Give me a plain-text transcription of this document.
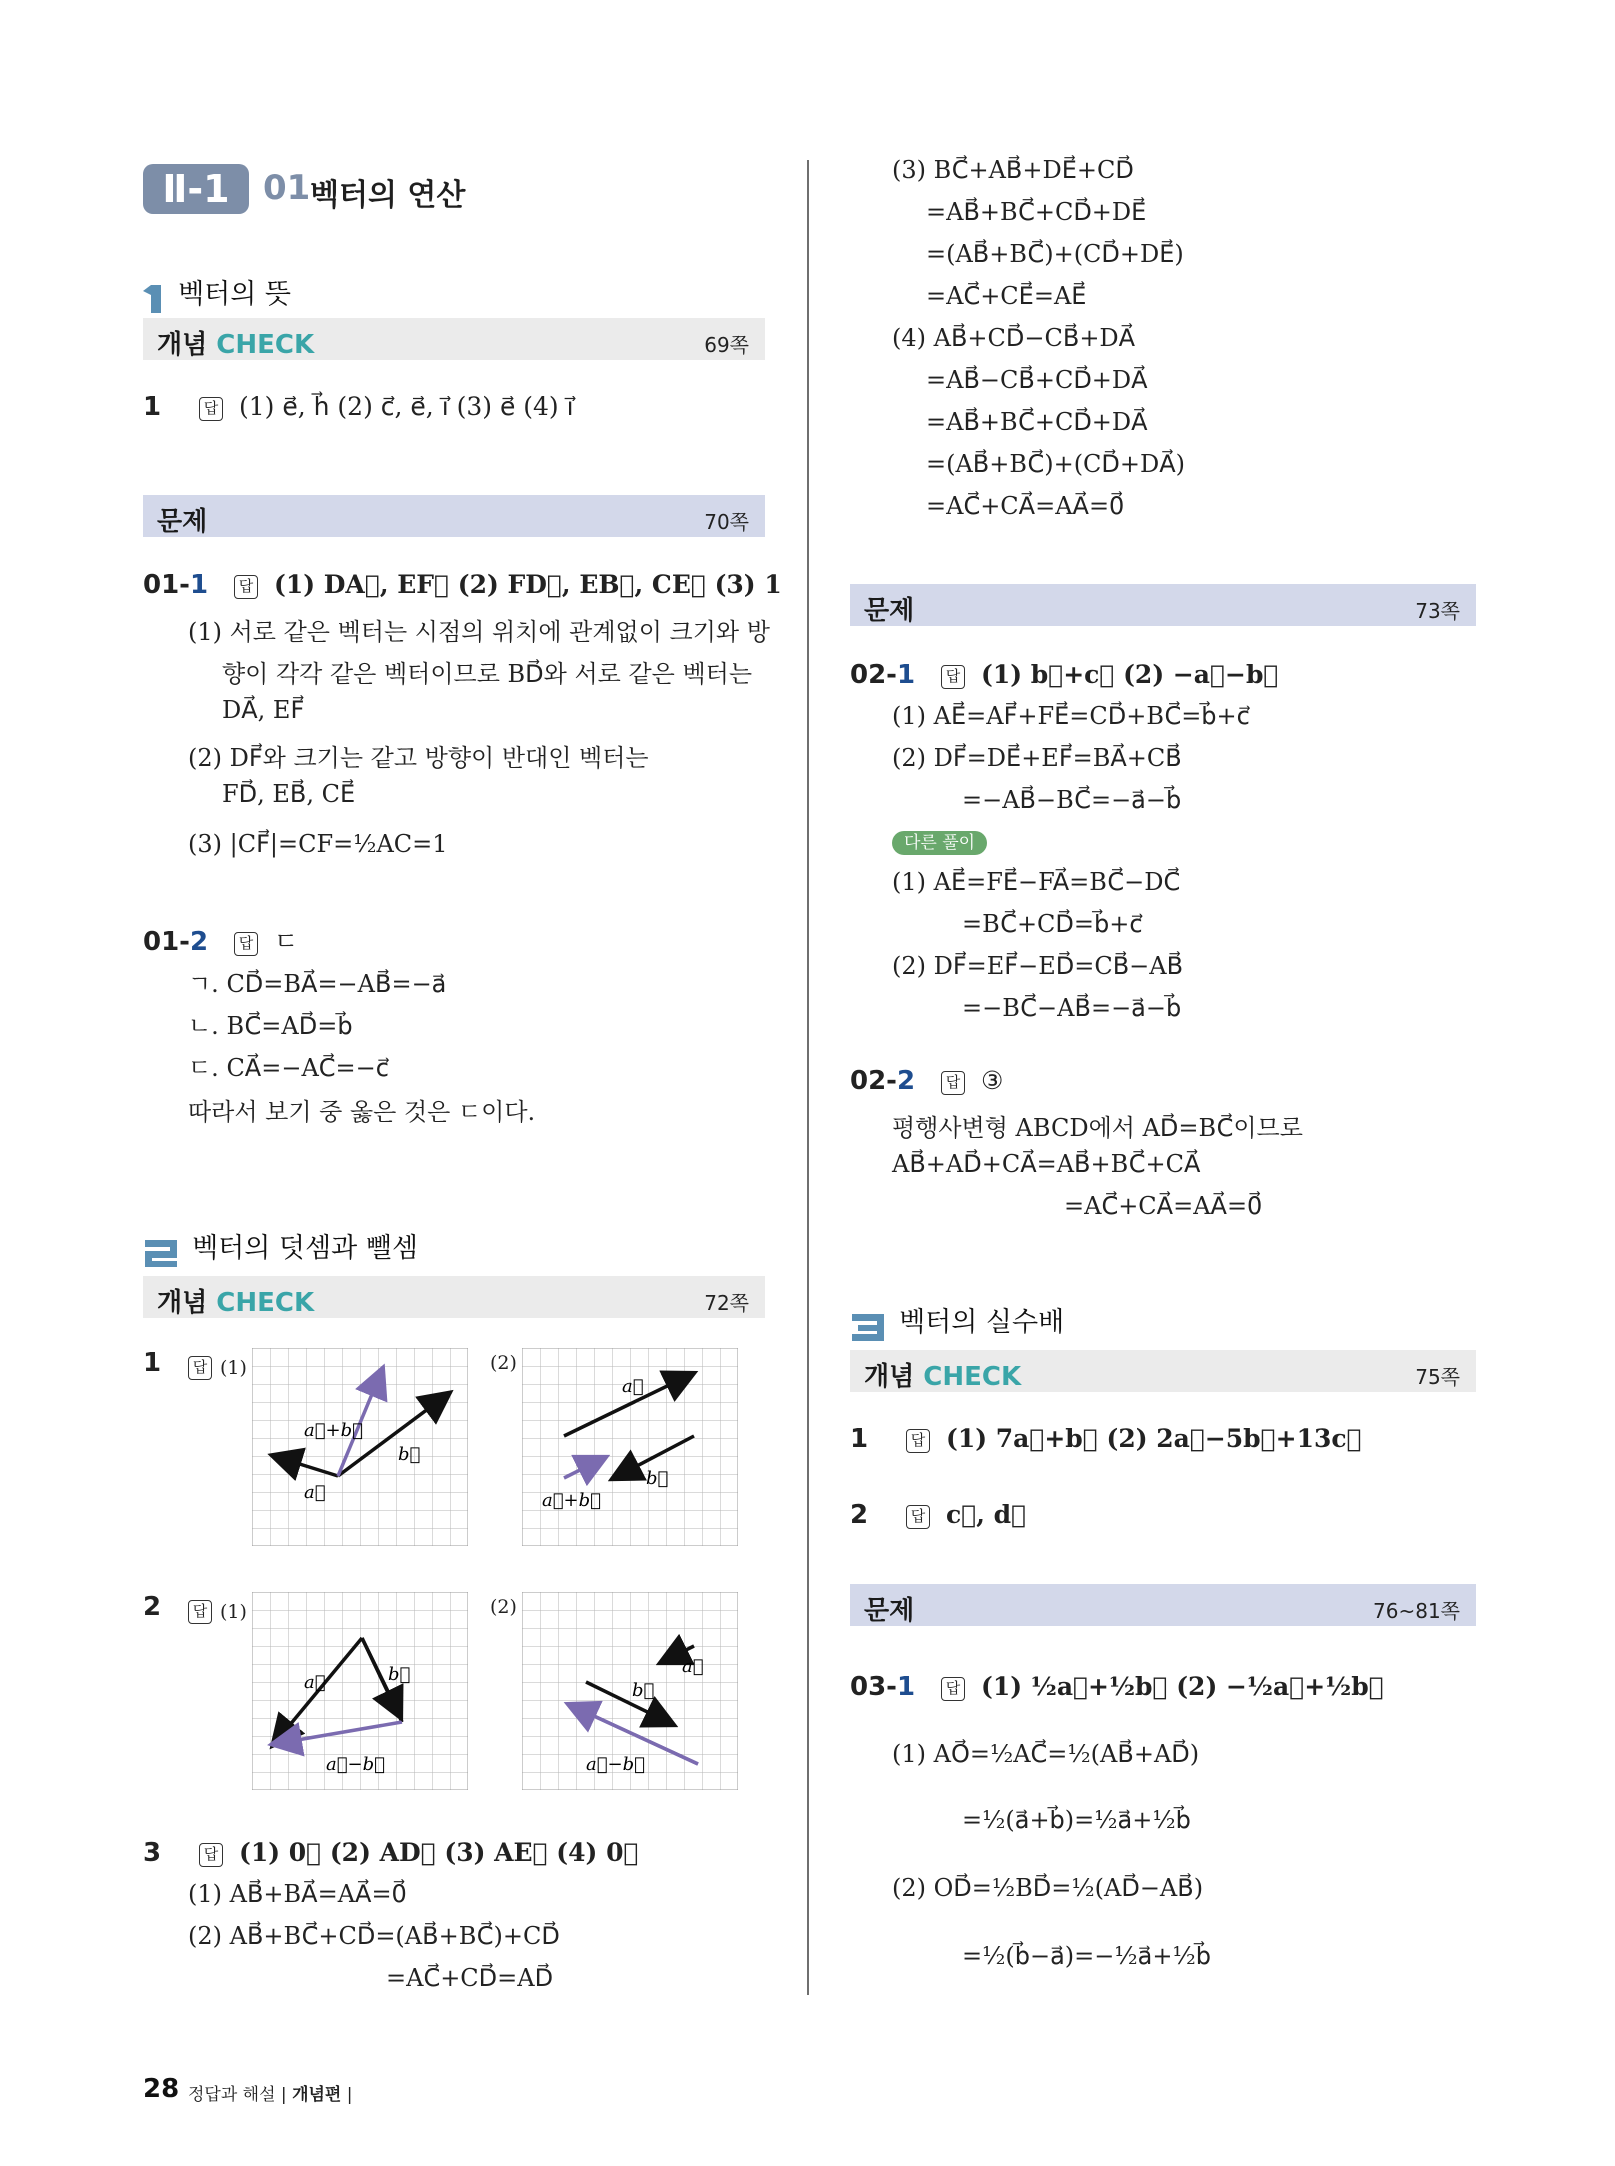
Ⅱ-1 01 벡터의 연산
벡터의 뜻
개념 CHECK	69쪽
1	답 (1) e⃗, h⃗ (2) c⃗, e⃗, i⃗ (3) e⃗ (4) i⃗
문제	70쪽
01-1 답 (1) DA⃗, EF⃗ (2) FD⃗, EB⃗, CE⃗ (3) 1
(1) 서로 같은 벡터는 시점의 위치에 관계없이 크기와 방
향이 각각 같은 벡터이므로 BD⃗와 서로 같은 벡터는
DA⃗, EF⃗
(2) DF⃗와 크기는 같고 방향이 반대인 벡터는
FD⃗, EB⃗, CE⃗
(3) |CF⃗|=CF=½AC=1
01-2 답 ㄷ
ㄱ. CD⃗=BA⃗=−AB⃗=−a⃗
ㄴ. BC⃗=AD⃗=b⃗
ㄷ. CA⃗=−AC⃗=−c⃗
따라서 보기 중 옳은 것은 ㄷ이다.
벡터의 덧셈과 뺄셈
개념 CHECK	72쪽
1	답 (1)	(2)
a⃗
a⃗+b⃗
b⃗
a⃗
b⃗
a⃗+b⃗
2	답 (1)	(2)
a⃗	b⃗
a⃗−b⃗
a⃗
b⃗
a⃗−b⃗
3	답 (1) 0⃗ (2) AD⃗ (3) AE⃗ (4) 0⃗
(1) AB⃗+BA⃗=AA⃗=0⃗
(2) AB⃗+BC⃗+CD⃗=(AB⃗+BC⃗)+CD⃗
=AC⃗+CD⃗=AD⃗
28 정답과 해설 | 개념편 |
(3) BC⃗+AB⃗+DE⃗+CD⃗
=AB⃗+BC⃗+CD⃗+DE⃗
=(AB⃗+BC⃗)+(CD⃗+DE⃗)
=AC⃗+CE⃗=AE⃗
(4) AB⃗+CD⃗−CB⃗+DA⃗
=AB⃗−CB⃗+CD⃗+DA⃗
=AB⃗+BC⃗+CD⃗+DA⃗
=(AB⃗+BC⃗)+(CD⃗+DA⃗)
=AC⃗+CA⃗=AA⃗=0⃗
문제	73쪽
02-1 답 (1) b⃗+c⃗ (2) −a⃗−b⃗
(1) AE⃗=AF⃗+FE⃗=CD⃗+BC⃗=b⃗+c⃗
(2) DF⃗=DE⃗+EF⃗=BA⃗+CB⃗
=−AB⃗−BC⃗=−a⃗−b⃗
다른 풀이
(1) AE⃗=FE⃗−FA⃗=BC⃗−DC⃗
=BC⃗+CD⃗=b⃗+c⃗
(2) DF⃗=EF⃗−ED⃗=CB⃗−AB⃗
=−BC⃗−AB⃗=−a⃗−b⃗
02-2 답 ③
평행사변형 ABCD에서 AD⃗=BC⃗이므로
AB⃗+AD⃗+CA⃗=AB⃗+BC⃗+CA⃗
=AC⃗+CA⃗=AA⃗=0⃗
벡터의 실수배
개념 CHECK	75쪽
1	답 (1) 7a⃗+b⃗ (2) 2a⃗−5b⃗+13c⃗
2	답 c⃗, d⃗
문제	76~81쪽
03-1 답 (1) ½a⃗+½b⃗ (2) −½a⃗+½b⃗
(1) AO⃗=½AC⃗=½(AB⃗+AD⃗)
=½(a⃗+b⃗)=½a⃗+½b⃗
(2) OD⃗=½BD⃗=½(AD⃗−AB⃗)
=½(b⃗−a⃗)=−½a⃗+½b⃗
